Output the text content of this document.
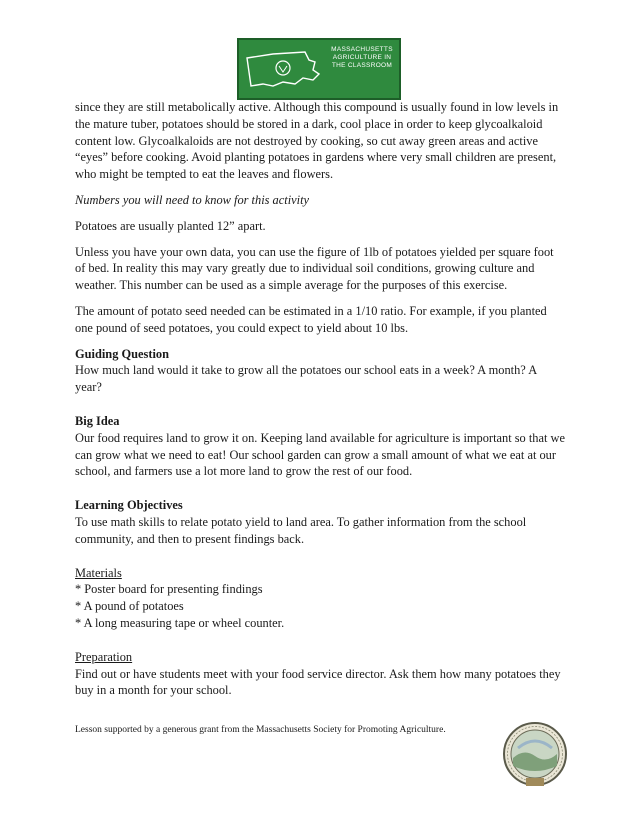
MASSACHUSETTS AGRICULTURE IN THE CLASSROOM

since they are still metabolically active. Although this compound is usually found in low levels in the mature tuber, potatoes should be stored in a dark, cool place in order to keep glycoalkaloid content low. Glycoalkaloids are not destroyed by cooking, so cut away green areas and active “eyes” before cooking. Avoid planting potatoes in gardens where very small children are present, who might be tempted to eat the leaves and flowers.

Numbers you will need to know for this activity

Potatoes are usually planted 12” apart.

Unless you have your own data, you can use the figure of 1lb of potatoes yielded per square foot of bed. In reality this may vary greatly due to individual soil conditions, growing culture and weather. This number can be used as a simple average for the purposes of this exercise.

The amount of potato seed needed can be estimated in a 1/10 ratio. For example, if you planted one pound of seed potatoes, you could expect to yield about 10 lbs.

Guiding Question
How much land would it take to grow all the potatoes our school eats in a week? A month? A year?
Big Idea
Our food requires land to grow it on. Keeping land available for agriculture is important so that we can grow what we need to eat! Our school garden can grow a small amount of what we eat at our school, and farmers use a lot more land to grow the rest of our food.
Learning Objectives
To use math skills to relate potato yield to land area. To gather information from the school community, and then to present findings back.
Materials
* Poster board for presenting findings
* A pound of potatoes
* A long measuring tape or wheel counter.
Preparation
Find out or have students meet with your food service director. Ask them how many potatoes they buy in a month for your school.
Lesson supported by a generous grant from the Massachusetts Society for Promoting Agriculture.
